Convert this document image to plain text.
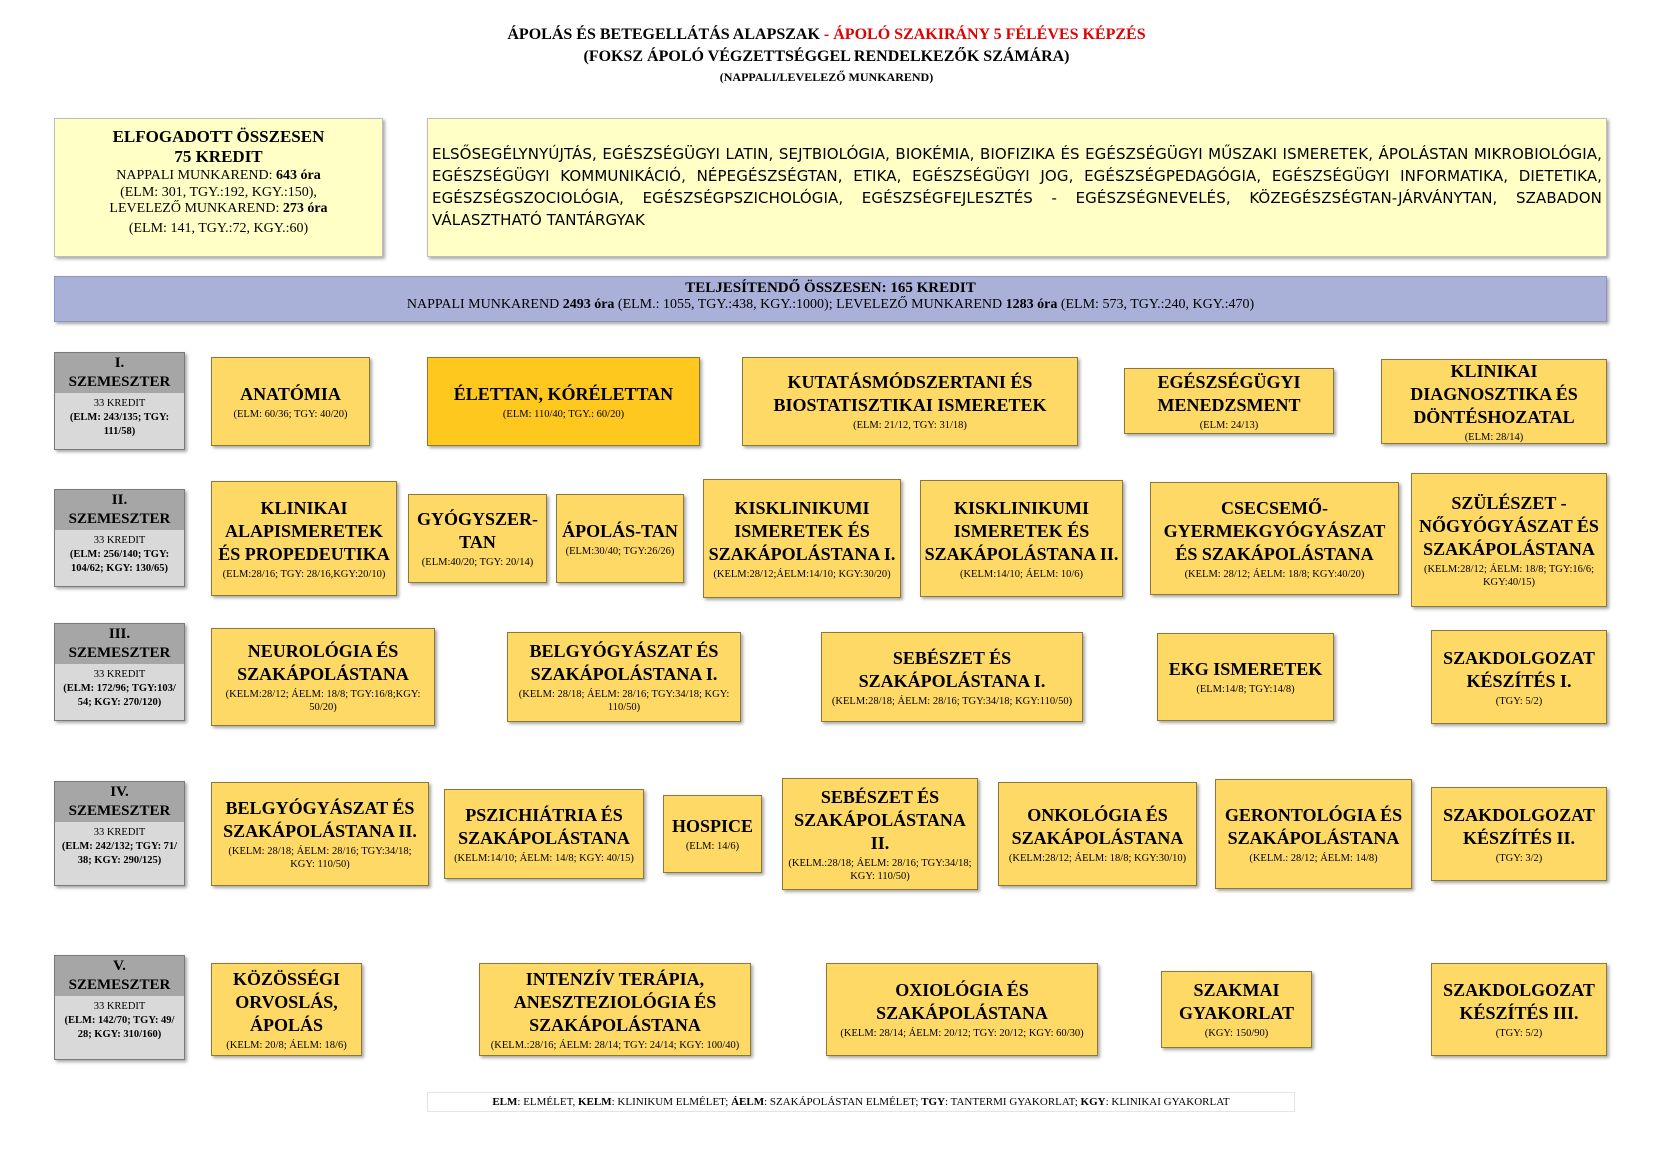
ÁPOLÁS ÉS BETEGELLÁTÁS ALAPSZAK - ÁPOLÓ SZAKIRÁNY 5 FÉLÉVES KÉPZÉS
(FOKSZ ÁPOLÓ VÉGZETTSÉGGEL RENDELKEZŐK SZÁMÁRA)
(NAPPALI/LEVELEZŐ MUNKAREND)
ELFOGADOTT ÖSSZESEN
75 KREDIT
NAPPALI MUNKAREND: 643 óra
(ELM: 301, TGY.:192, KGY.:150),
LEVELEZŐ MUNKAREND: 273 óra
(ELM: 141, TGY.:72, KGY.:60)
ELSŐSEGÉLYNYÚJTÁS, EGÉSZSÉGÜGYI LATIN, SEJTBIOLÓGIA, BIOKÉMIA, BIOFIZIKA ÉS EGÉSZSÉGÜGYI MŰSZAKI ISMERETEK, ÁPOLÁSTAN MIKROBIOLÓGIA, EGÉSZSÉGÜGYI KOMMUNIKÁCIÓ, NÉPEGÉSZSÉGTAN, ETIKA, EGÉSZSÉGÜGYI JOG, EGÉSZSÉGPEDAGÓGIA, EGÉSZSÉGÜGYI INFORMATIKA, DIETETIKA, EGÉSZSÉGSZOCIOLÓGIA, EGÉSZSÉGPSZICHOLÓGIA, EGÉSZSÉGFEJLESZTÉS - EGÉSZSÉGNEVELÉS, KÖZEGÉSZSÉGTAN-JÁRVÁNYTAN, SZABADON VÁLASZTHATÓ TANTÁRGYAK
TELJESÍTENDŐ ÖSSZESEN: 165 KREDIT
NAPPALI MUNKAREND 2493 óra (ELM.: 1055, TGY.:438, KGY.:1000); LEVELEZŐ MUNKAREND 1283 óra (ELM: 573, TGY.:240, KGY.:470)
I.
SZEMESZTER
33 KREDIT
(ELM: 243/135; TGY: 111/58)
II.
SZEMESZTER
33 KREDIT
(ELM: 256/140; TGY: 104/62; KGY: 130/65)
III.
SZEMESZTER
33 KREDIT
(ELM: 172/96; TGY:103/ 54; KGY: 270/120)
IV.
SZEMESZTER
33 KREDIT
(ELM: 242/132; TGY: 71/ 38; KGY: 290/125)
V.
SZEMESZTER
33 KREDIT
(ELM: 142/70; TGY: 49/ 28; KGY: 310/160)
ANATÓMIA
(ELM: 60/36; TGY: 40/20)
ÉLETTAN, KÓRÉLETTAN
(ELM: 110/40; TGY.: 60/20)
KUTATÁSMÓDSZERTANI ÉS BIOSTATISZTIKAI ISMERETEK
(ELM: 21/12, TGY: 31/18)
EGÉSZSÉGÜGYI MENEDZSMENT
(ELM: 24/13)
KLINIKAI DIAGNOSZTIKA ÉS DÖNTÉSHOZATAL
(ELM: 28/14)
KLINIKAI ALAPISMERETEK ÉS PROPEDEUTIKA
(ELM:28/16; TGY: 28/16,KGY:20/10)
GYÓGYSZER-TAN
(ELM:40/20; TGY: 20/14)
ÁPOLÁS-TAN
(ELM:30/40; TGY:26/26)
KISKLINIKUMI ISMERETEK ÉS SZAKÁPOLÁSTANA I.
(KELM:28/12;ÁELM:14/10; KGY:30/20)
KISKLINIKUMI ISMERETEK ÉS SZAKÁPOLÁSTANA II.
(KELM:14/10; ÁELM: 10/6)
CSECSEMŐ-GYERMEKGYÓGYÁSZAT ÉS SZAKÁPOLÁSTANA
(KELM: 28/12; ÁELM: 18/8; KGY:40/20)
SZÜLÉSZET - NŐGYÓGYÁSZAT ÉS SZAKÁPOLÁSTANA
(KELM:28/12; ÁELM: 18/8; TGY:16/6; KGY:40/15)
NEUROLÓGIA ÉS SZAKÁPOLÁSTANA
(KELM:28/12; ÁELM: 18/8; TGY:16/8;KGY: 50/20)
BELGYÓGYÁSZAT ÉS SZAKÁPOLÁSTANA I.
(KELM: 28/18; ÁELM: 28/16; TGY:34/18; KGY: 110/50)
SEBÉSZET ÉS SZAKÁPOLÁSTANA I.
(KELM:28/18; ÁELM: 28/16; TGY:34/18; KGY:110/50)
EKG ISMERETEK
(ELM:14/8; TGY:14/8)
SZAKDOLGOZAT KÉSZÍTÉS I.
(TGY: 5/2)
BELGYÓGYÁSZAT ÉS SZAKÁPOLÁSTANA II.
(KELM: 28/18; ÁELM: 28/16; TGY:34/18; KGY: 110/50)
PSZICHIÁTRIA ÉS SZAKÁPOLÁSTANA
(KELM:14/10; ÁELM: 14/8; KGY: 40/15)
HOSPICE
(ELM: 14/6)
SEBÉSZET ÉS SZAKÁPOLÁSTANA II.
(KELM.:28/18; ÁELM: 28/16; TGY:34/18; KGY: 110/50)
ONKOLÓGIA ÉS SZAKÁPOLÁSTANA
(KELM:28/12; ÁELM: 18/8; KGY:30/10)
GERONTOLÓGIA ÉS SZAKÁPOLÁSTANA
(KELM.: 28/12; ÁELM: 14/8)
SZAKDOLGOZAT KÉSZÍTÉS II.
(TGY: 3/2)
KÖZÖSSÉGI ORVOSLÁS, ÁPOLÁS
(KELM: 20/8; ÁELM: 18/6)
INTENZÍV TERÁPIA, ANESZTEZIOLÓGIA ÉS SZAKÁPOLÁSTANA
(KELM.:28/16; ÁELM: 28/14; TGY: 24/14; KGY: 100/40)
OXIOLÓGIA ÉS SZAKÁPOLÁSTANA
(KELM: 28/14; ÁELM: 20/12; TGY: 20/12; KGY: 60/30)
SZAKMAI GYAKORLAT
(KGY: 150/90)
SZAKDOLGOZAT KÉSZÍTÉS III.
(TGY: 5/2)
ELM: ELMÉLET, KELM: KLINIKUM ELMÉLET; ÁELM: SZAKÁPOLÁSTAN ELMÉLET; TGY: TANTERMI GYAKORLAT; KGY: KLINIKAI GYAKORLAT
